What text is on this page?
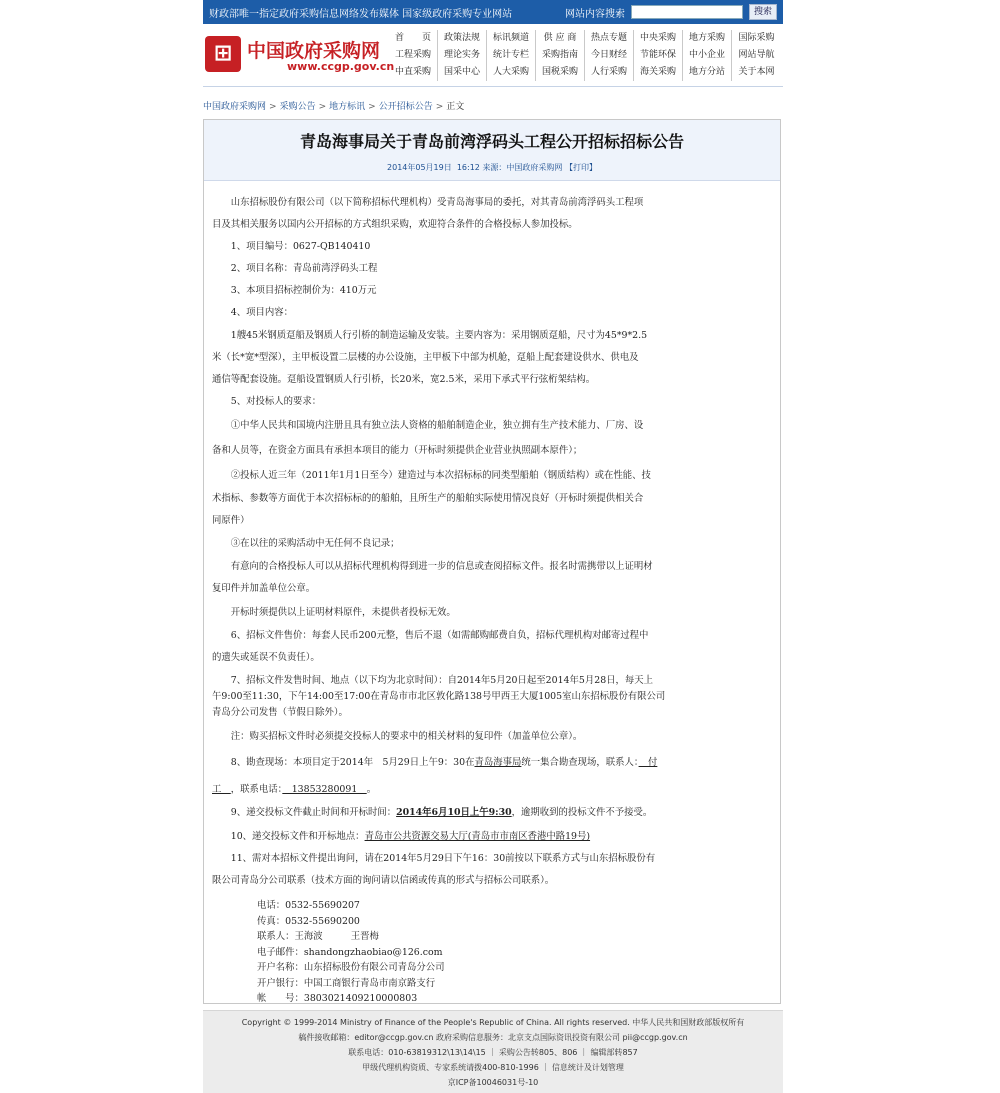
财政部唯一指定政府采购信息网络发布媒体 国家级政府采购专业网站	网站内容搜索	搜索
⊞ 中国政府采购网
www.ccgp.gov.cn
首　　页	政策法规	标讯频道	供 应 商	热点专题	中央采购	地方采购	国际采购
工程采购	理论实务	统计专栏	采购指南	今日财经	节能环保	中小企业	网站导航
中直采购	国采中心	人大采购	国税采购	人行采购	海关采购	地方分站	关于本网
中国政府采购网 > 采购公告 > 地方标讯 > 公开招标公告 > 正文
青岛海事局关于青岛前湾浮码头工程公开招标招标公告
2014年05月19日 16:12 来源：中国政府采购网 【打印】
　　山东招标股份有限公司（以下简称招标代理机构）受青岛海事局的委托，对其青岛前湾浮码头工程项
目及其相关服务以国内公开招标的方式组织采购，欢迎符合条件的合格投标人参加投标。
　　1、项目编号：0627-QB140410
　　2、项目名称：青岛前湾浮码头工程
　　3、本项目招标控制价为：410万元
　　4、项目内容：
　　1艘45米钢质趸船及钢质人行引桥的制造运输及安装。主要内容为：采用钢质趸船，尺寸为45*9*2.5
米（长*宽*型深），主甲板设置二层楼的办公设施，主甲板下中部为机舱，趸船上配套建设供水、供电及
通信等配套设施。趸船设置钢质人行引桥，长20米，宽2.5米，采用下承式平行弦桁架结构。
　　5、对投标人的要求：
　　①中华人民共和国境内注册且具有独立法人资格的船舶制造企业，独立拥有生产技术能力、厂房、设
备和人员等，在资金方面具有承担本项目的能力（开标时须提供企业营业执照副本原件）；
　　②投标人近三年（2011年1月1日至今）建造过与本次招标标的同类型船舶（钢质结构）或在性能、技
术指标、参数等方面优于本次招标标的的船舶，且所生产的船舶实际使用情况良好（开标时须提供相关合
同原件）
　　③在以往的采购活动中无任何不良记录；
　　有意向的合格投标人可以从招标代理机构得到进一步的信息或查阅招标文件。报名时需携带以上证明材
复印件并加盖单位公章。
　　开标时须提供以上证明材料原件，未提供者投标无效。
　　6、招标文件售价：每套人民币200元整，售后不退（如需邮购邮费自负，招标代理机构对邮寄过程中
的遗失或延误不负责任）。
　　7、招标文件发售时间、地点（以下均为北京时间）：自2014年5月20日起至2014年5月28日，每天上
午9:00至11:30，下午14:00至17:00在青岛市市北区敦化路138号甲西王大厦1005室山东招标股份有限公司
青岛分公司发售（节假日除外）。
　　注：购买招标文件时必须提交投标人的要求中的相关材料的复印件（加盖单位公章）。
　　8、勘查现场：本项目定于2014年　5月29日上午9：30在青岛海事局统一集合勘查现场，联系人：　付
工　，联系电话：　13853280091　。
　　9、递交投标文件截止时间和开标时间：2014年6月10日上午9:30，逾期收到的投标文件不予接受。
　　10、递交投标文件和开标地点：青岛市公共资源交易大厅(青岛市市南区香港中路19号)
　　11、需对本招标文件提出询问，请在2014年5月29日下午16：30前按以下联系方式与山东招标股份有
限公司青岛分公司联系（技术方面的询问请以信函或传真的形式与招标公司联系）。
电话：0532-55690207
传真：0532-55690200
联系人：王海波　　　王晋梅
电子邮件：shandongzhaobiao@126.com
开户名称：山东招标股份有限公司青岛分公司
开户银行：中国工商银行青岛市南京路支行
帐　　号：3803021409210000803
Copyright © 1999-2014 Ministry of Finance of the People's Republic of China. All rights reserved. 中华人民共和国财政部版权所有
稿件接收邮箱：editor@ccgp.gov.cn 政府采购信息服务：北京支点国际资讯投资有限公司 pii@ccgp.gov.cn
联系电话：010-63819312\13\14\15 ｜ 采购公告转805、806 ｜ 编辑部转857
甲级代理机构资质、专家系统请拨400-810-1996 ｜ 信息统计及计划管理
京ICP备10046031号-10
